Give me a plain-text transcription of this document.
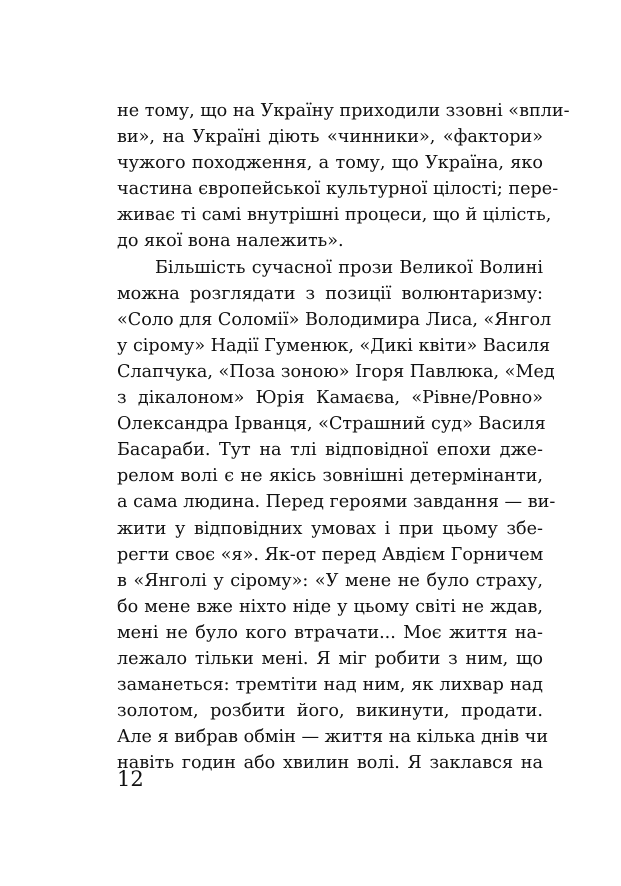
не тому, що на Україну приходили ззовні «впли-
ви», на Україні діють «чинники», «фактори»
чужого походження, а тому, що Україна, яко
частина європейської культурної цілості; пере-
живає ті самі внутрішні процеси, що й цілість,
до якої вона належить».
Більшість сучасної прози Великої Волині
можна розглядати з позиції волюнтаризму:
«Соло для Соломії» Володимира Лиса, «Янгол
у сірому» Надії Гуменюк, «Дикі квіти» Василя
Слапчука, «Поза зоною» Ігоря Павлюка, «Мед
з дікалоном» Юрія Камаєва, «Рівне/Ровно»
Олександра Ірванця, «Страшний суд» Василя
Басараби. Тут на тлі відповідної епохи дже-
релом волі є не якісь зовнішні детермінанти,
а сама людина. Перед героями завдання — ви-
жити у відповідних умовах і при цьому збе-
регти своє «я». Як-от перед Авдієм Горничем
в «Янголі у сірому»: «У мене не було страху,
бо мене вже ніхто ніде у цьому світі не ждав,
мені не було кого втрачати... Моє життя на-
лежало тільки мені. Я міг робити з ним, що
заманеться: тремтіти над ним, як лихвар над
золотом, розбити його, викинути, продати.
Але я вибрав обмін — життя на кілька днів чи
навіть годин або хвилин волі. Я заклався на
12
